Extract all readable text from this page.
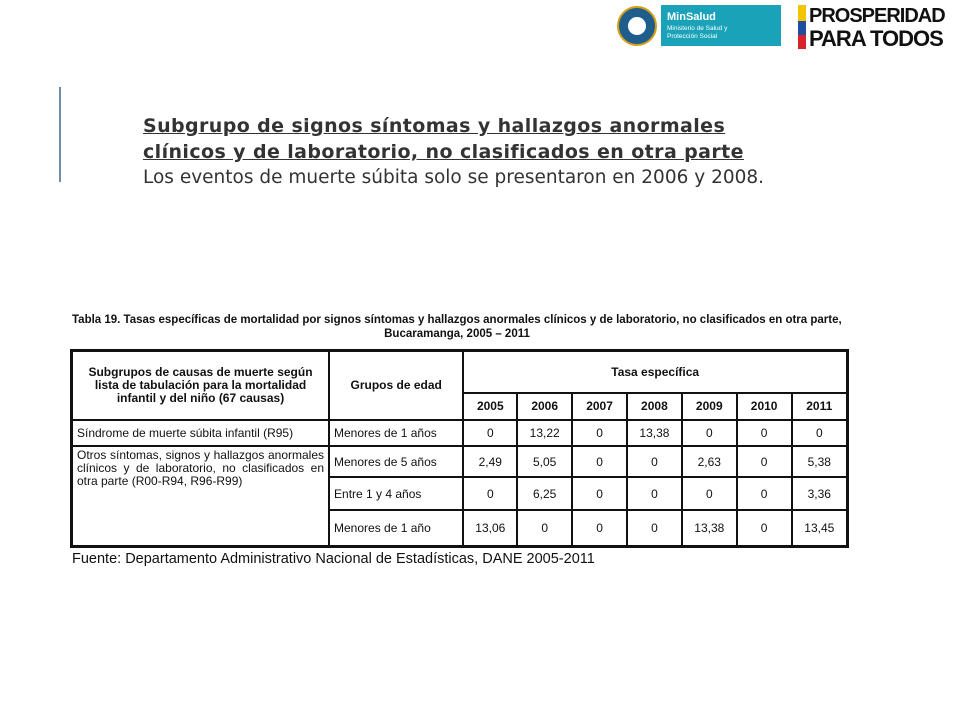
MinSalud
Ministerio de Salud y Protección Social
PROSPERIDAD
PARA TODOS
Subgrupo de signos síntomas y hallazgos anormales
clínicos y de laboratorio, no clasificados en otra parte
Los eventos de muerte súbita solo se presentaron en 2006 y 2008.
Tabla 19. Tasas específicas de mortalidad por signos síntomas y hallazgos anormales clínicos y de laboratorio, no clasificados en otra parte,
Bucaramanga, 2005 – 2011
Subgrupos de causas de muerte según lista de tabulación para la mortalidad infantil y del niño (67 causas)	Grupos de edad	Tasa específica						
		2005	2006	2007	2008	2009	2010	2011
Síndrome de muerte súbita infantil (R95)	Menores de 1 años	0	13,22	0	13,38	0	0	0
Otros síntomas, signos y hallazgos anormales clínicos y de laboratorio, no clasificados en otra parte (R00-R94, R96-R99)	Menores de 5 años	2,49	5,05	0	0	2,63	0	5,38
	Entre 1 y 4 años	0	6,25	0	0	0	0	3,36
	Menores de 1 año	13,06	0	0	0	13,38	0	13,45
Fuente: Departamento Administrativo Nacional de Estadísticas, DANE 2005-2011
